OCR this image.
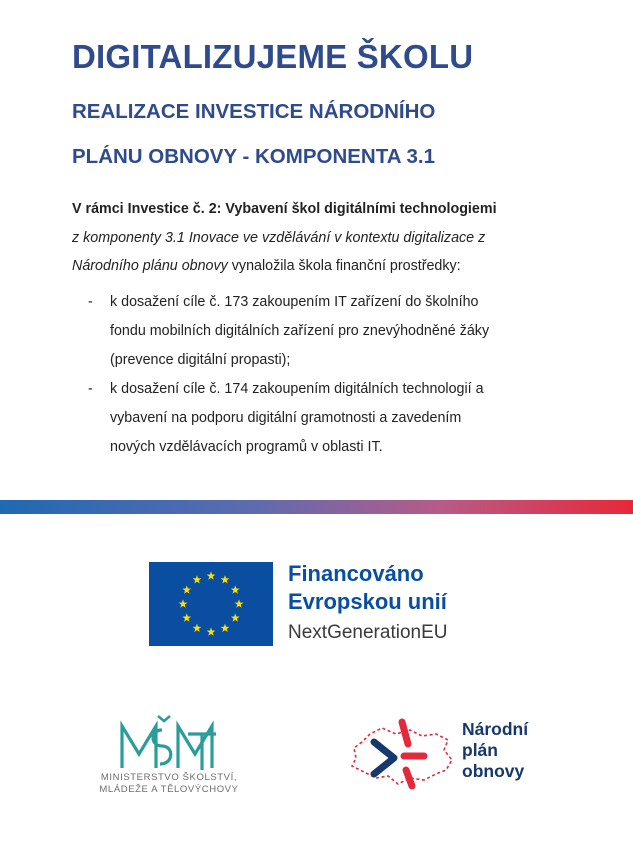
DIGITALIZUJEME ŠKOLU
REALIZACE INVESTICE NÁRODNÍHO
PLÁNU OBNOVY - KOMPONENTA 3.1
V rámci Investice č. 2: Vybavení škol digitálními technologiemi
z komponenty 3.1 Inovace ve vzdělávání v kontextu digitalizace z
Národního plánu obnovy vynaložila škola finanční prostředky:
- k dosažení cíle č. 173 zakoupením IT zařízení do školního
fondu mobilních digitálních zařízení pro znevýhodněné žáky
(prevence digitální propasti);
- k dosažení cíle č. 174 zakoupením digitálních technologií a
vybavení na podporu digitální gramotnosti a zavedením
nových vzdělávacích programů v oblasti IT.
Financováno
Evropskou unií
NextGenerationEU
MINISTERSTVO ŠKOLSTVÍ,
MLÁDEŽE A TĚLOVÝCHOVY
Národní
plán
obnovy
